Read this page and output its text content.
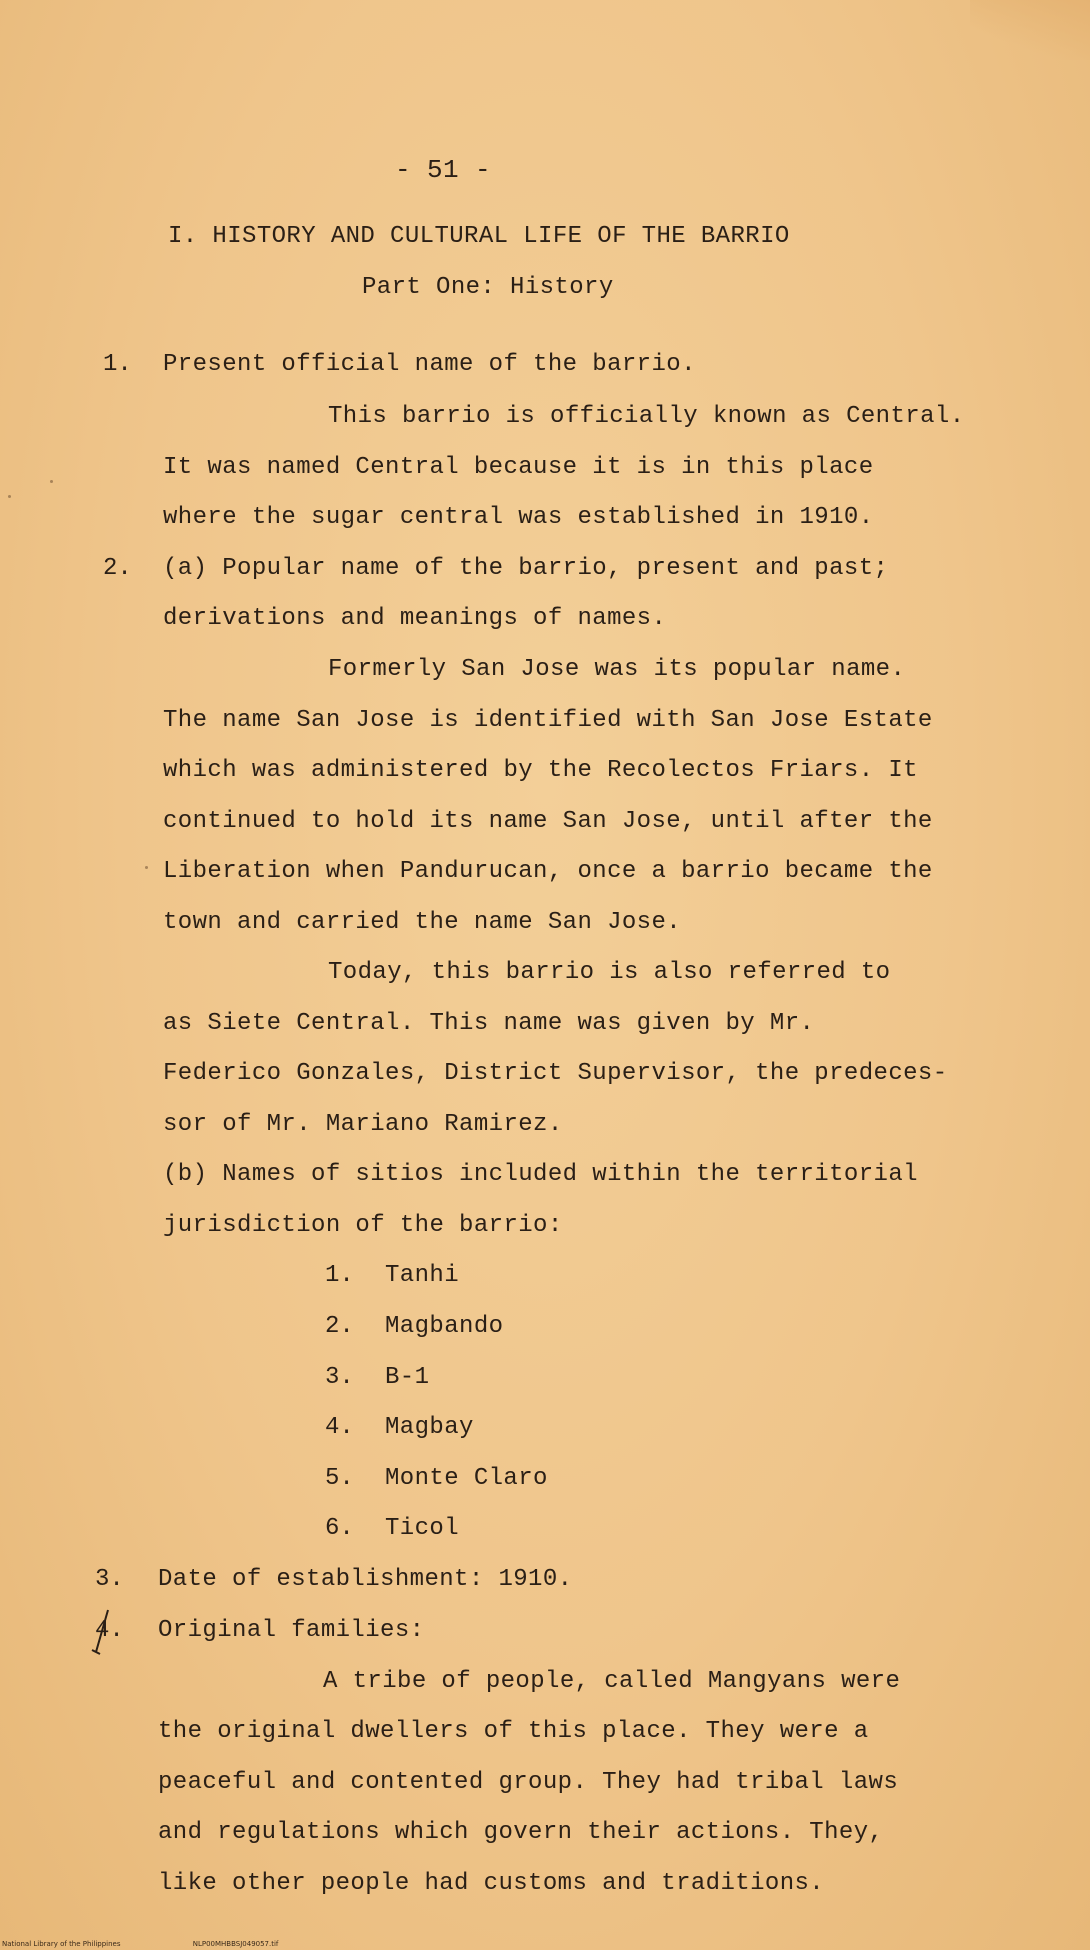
- 51 -
I. HISTORY AND CULTURAL LIFE OF THE BARRIO
Part One: History
1. Present official name of the barrio.
This barrio is officially known as Central.
It was named Central because it is in this place
where the sugar central was established in 1910.
2. (a) Popular name of the barrio, present and past;
derivations and meanings of names.
Formerly San Jose was its popular name.
The name San Jose is identified with San Jose Estate
which was administered by the Recolectos Friars. It
continued to hold its name San Jose, until after the
Liberation when Pandurucan, once a barrio became the
town and carried the name San Jose.
Today, this barrio is also referred to
as Siete Central. This name was given by Mr.
Federico Gonzales, District Supervisor, the predeces-
sor of Mr. Mariano Ramirez.
(b) Names of sitios included within the territorial
jurisdiction of the barrio:
1. Tanhi
2. Magbando
3. B-1
4. Magbay
5. Monte Claro
6. Ticol
3. Date of establishment: 1910.
4. Original families:
A tribe of people, called Mangyans were
the original dwellers of this place. They were a
peaceful and contented group. They had tribal laws
and regulations which govern their actions. They,
like other people had customs and traditions.
National Library of the Philippines	NLP00MHBBSJ049057.tif
